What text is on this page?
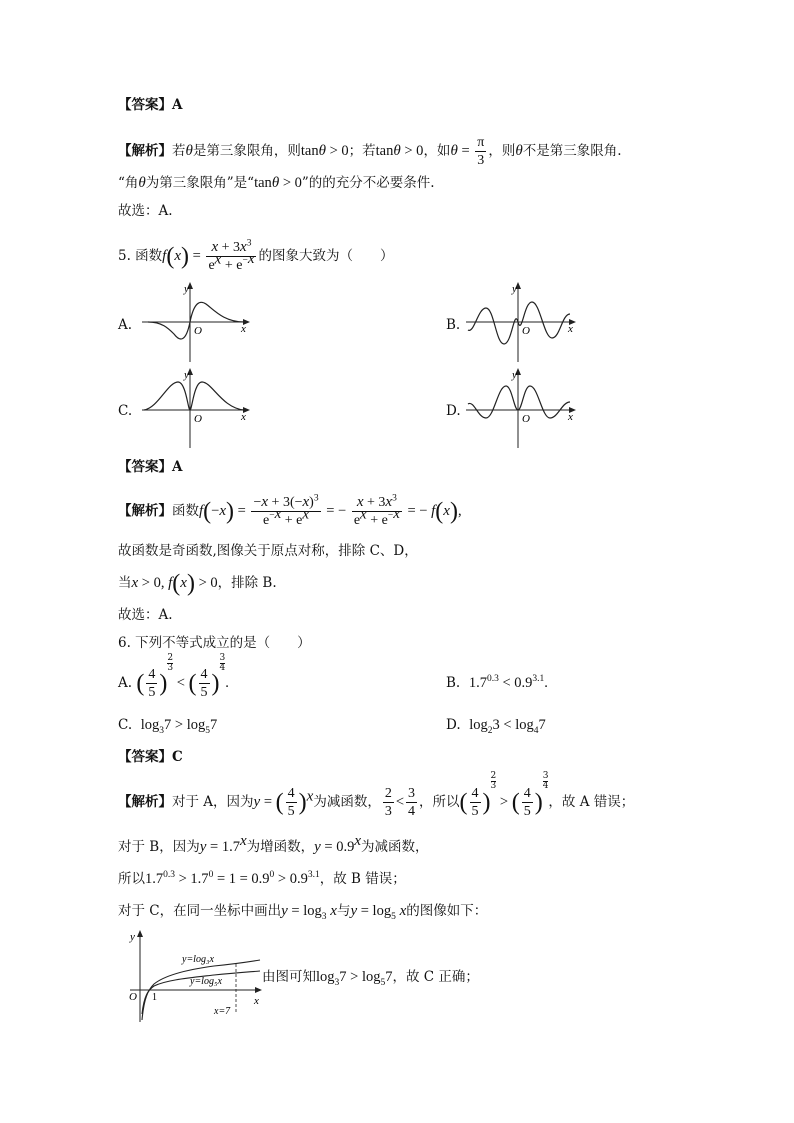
【答案】A
【解析】若θ是第三象限角，则tanθ > 0；若tanθ > 0，如$\theta = \frac{\pi}{3}$ ，则θ不是第三象限角.
“角θ为第三象限角”是“tanθ > 0”的的充分不必要条件.
故选：A.
5. 函数$f(x) = \frac{x + 3x^3}{e^x + e^{-x}}$ 的图象大致为（　　）
A.
y
x
O	B.
y
x
O
C.
y
x
O	D.
y
x
O
【答案】A
【解析】函数$f(-x) = \frac{-x + 3(-x)^3}{e^{-x} + e^x}$ = − $\frac{x + 3x^3}{e^x + e^{-x}}$ = − f(x),
故函数是奇函数,图像关于原点对称，排除 C、D，
当x > 0, f(x) > 0，排除 B.
故选：A.
6. 下列不等式成立的是（　　）
A. ( $\frac{4}{5}$ )
$\frac{2}{3}$
< ( $\frac{4}{5}$ )
$\frac{3}{4}$
.	B. $1.7^{0.3} < 0.9^{3.1}$.
C. $\log_37 > \log_57$	D. $\log_23 < \log_47$
【答案】C
【解析】对于 A，因为y = ( $\frac{4}{5} )^x$为减函数， $\frac{2}{3} < \frac{3}{4}$ ，所以( $\frac{4}{5}$ )
$\frac{2}{3}$
> ( $\frac{4}{5}$ )
$\frac{3}{4}$
，故 A 错误；
对于 B，因为$y = 1.7^x$为增函数，$y = 0.9^x$为减函数，
所以$1.7^{0.3} > 1.7^0 = 1 = 0.9^0 > 0.9^{3.1}$，故 B 错误；
对于 C，在同一坐标中画出$y = \log_3 x$与$y = \log_5 x$的图像如下：
y
x
O 1
y=log₃x
y=log₅x
x=7
由图可知$\log_37 > \log_57$，故 C 正确；
